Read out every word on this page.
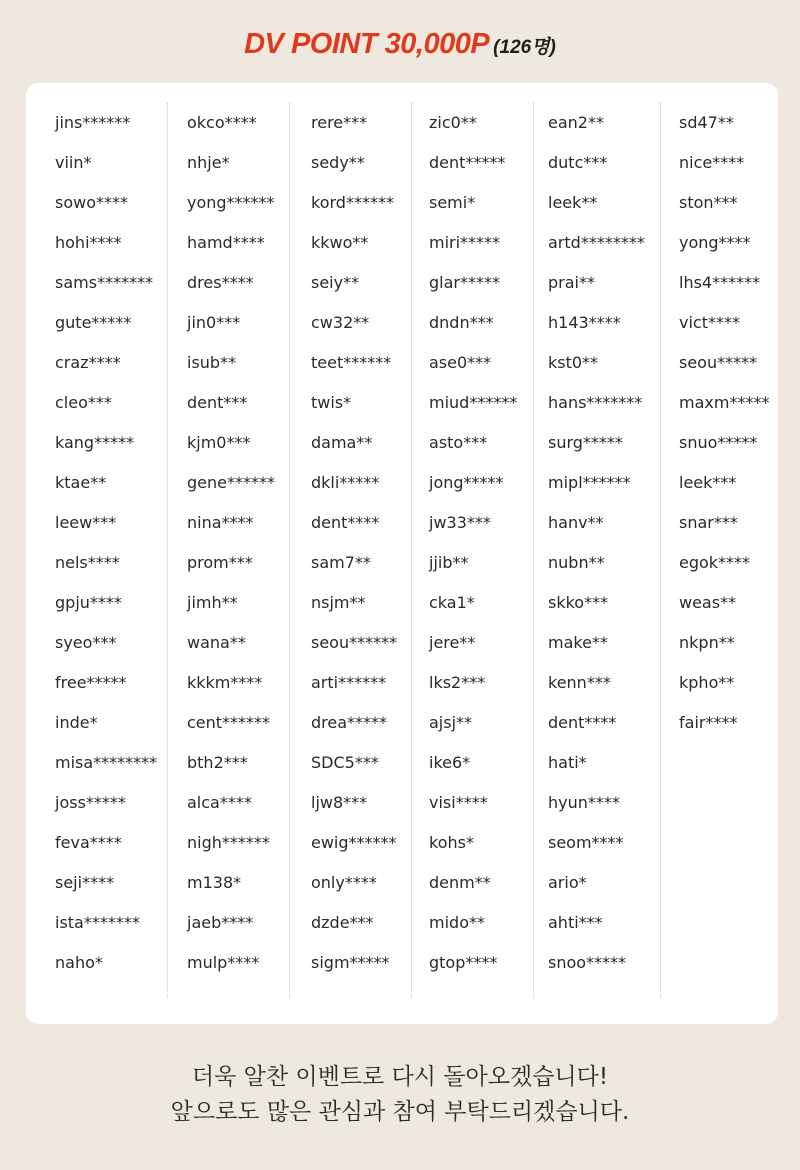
DV POINT 30,000P (126명)
jins******
viin*
sowo****
hohi****
sams*******
gute*****
craz****
cleo***
kang*****
ktae**
leew***
nels****
gpju****
syeo***
free*****
inde*
misa********
joss*****
feva****
seji****
ista*******
naho*
okco****
nhje*
yong******
hamd****
dres****
jin0***
isub**
dent***
kjm0***
gene******
nina****
prom***
jimh**
wana**
kkkm****
cent******
bth2***
alca****
nigh******
m138*
jaeb****
mulp****
rere***
sedy**
kord******
kkwo**
seiy**
cw32**
teet******
twis*
dama**
dkli*****
dent****
sam7**
nsjm**
seou******
arti******
drea*****
SDC5***
ljw8***
ewig******
only****
dzde***
sigm*****
zic0**
dent*****
semi*
miri*****
glar*****
dndn***
ase0***
miud******
asto***
jong*****
jw33***
jjib**
cka1*
jere**
lks2***
ajsj**
ike6*
visi****
kohs*
denm**
mido**
gtop****
ean2**
dutc***
leek**
artd********
prai**
h143****
kst0**
hans*******
surg*****
mipl******
hanv**
nubn**
skko***
make**
kenn***
dent****
hati*
hyun****
seom****
ario*
ahti***
snoo*****
sd47**
nice****
ston***
yong****
lhs4******
vict****
seou*****
maxm*****
snuo*****
leek***
snar***
egok****
weas**
nkpn**
kpho**
fair****
더욱 알찬 이벤트로 다시 돌아오겠습니다!
앞으로도 많은 관심과 참여 부탁드리겠습니다.
